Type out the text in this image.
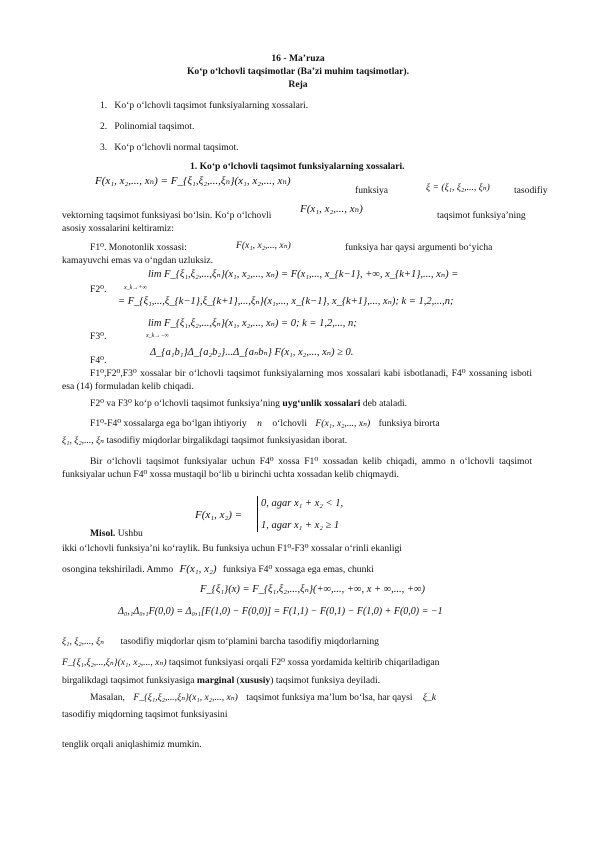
16 - Ma’ruza
Ko‘p o‘lchovli taqsimotlar (Ba’zi muhim taqsimotlar).
Reja
1. Ko‘p o‘lchovli taqsimot funksiyalarning xossalari.
2. Polinomial taqsimot.
3. Ko‘p o‘lchovli normal taqsimot.
1. Ko‘p o‘lchovli taqsimot funksiyalarning xossalari.
F(x₁, x₂,..., xₙ) = F_{ξ₁,ξ₂,...,ξₙ}(x₁, x₂,..., xₙ)
funksiya	ξ = (ξ₁, ξ₂,..., ξₙ)	tasodifiy
vektorning taqsimot funksiyasi bo‘lsin. Ko‘p o‘lchovli
F(x₁, x₂,..., xₙ)
taqsimot funksiya’ning
asosiy xossalarini keltiramiz:
F1⁰. Monotonlik xossasi:	F(x₁, x₂,..., xₙ)	funksiya har qaysi argumenti bo‘yicha
kamayuvchi emas va o‘ngdan uzluksiz.
lim F_{ξ₁,ξ₂,...,ξₙ}(x₁, x₂,..., xₙ) = F(x₁,..., x_{k−1}, +∞, x_{k+1},..., xₙ) =
F2⁰.	x_k→+∞
= F_{ξ₁,...,ξ_{k−1},ξ_{k+1},...,ξₙ}(x₁,..., x_{k−1}, x_{k+1},..., xₙ); k = 1,2,...,n;
lim F_{ξ₁,ξ₂,...,ξₙ}(x₁, x₂,..., xₙ) = 0; k = 1,2,..., n;
F3⁰.	x_k→−∞
F4⁰.
Δ_{a₁b₁}Δ_{a₂b₂}...Δ_{aₙbₙ} F(x₁, x₂,..., xₙ) ≥ 0.
F1⁰,F2⁰,F3⁰ xossalar bir o‘lchovli taqsimot funksiyalarning mos xossalari kabi isbotlanadi, F4⁰ xossaning isboti esa (14) formuladan kelib chiqadi.
F2⁰ va F3⁰ ko‘p o‘lchovli taqsimot funksiya’ning uyg‘unlik xossalari deb ataladi.
F1⁰-F4⁰ xossalarga ega bo‘lgan ihtiyoriy n o‘lchovli F(x₁, x₂,..., xₙ) funksiya birorta
ξ₁, ξ₂,..., ξₙ tasodifiy miqdorlar birgalikdagi taqsimot funksiyasidan iborat.
Bir o‘lchovli taqsimot funksiyalar uchun F4⁰ xossa F1⁰ xossadan kelib chiqadi, ammo n o‘lchovli taqsimot funksiyalar uchun F4⁰ xossa mustaqil bo‘lib u birinchi uchta xossadan kelib chiqmaydi.
F(x₁, x₂) =
0, agar x₁ + x₂ < 1,
1, agar x₁ + x₂ ≥ 1
Misol. Ushbu
ikki o‘lchovli funksiya’ni ko‘raylik. Bu funksiya uchun F1⁰-F3⁰ xossalar o‘rinli ekanligi
osongina tekshiriladi. Ammo F(x₁, x₂) funksiya F4⁰ xossaga ega emas, chunki
F_{ξ₁}(x) = F_{ξ₁,ξ₂,...,ξₙ}(+∞,..., +∞, x + ∞,..., +∞)
Δ₀,₁Δ₀,₁F(0,0) = Δ₀,₁[F(1,0) − F(0,0)] = F(1,1) − F(0,1) − F(1,0) + F(0,0) = −1
ξ₁, ξ₂,..., ξₙ tasodifiy miqdorlar qism to‘plamini barcha tasodifiy miqdorlarning
F_{ξ₁,ξ₂,...,ξₙ}(x₁, x₂,..., xₙ) taqsimot funksiyasi orqali F2⁰ xossa yordamida keltirib chiqariladigan
birgalikdagi taqsimot funksiyasiga marginal (xususiy) taqsimot funksiya deyiladi.
Masalan, F_{ξ₁,ξ₂,...,ξₙ}(x₁, x₂,..., xₙ) taqsimot funksiya ma’lum bo‘lsa, har qaysi ξ_k
tasodifiy miqdorning taqsimot funksiyasini
tenglik orqali aniqlashimiz mumkin.
